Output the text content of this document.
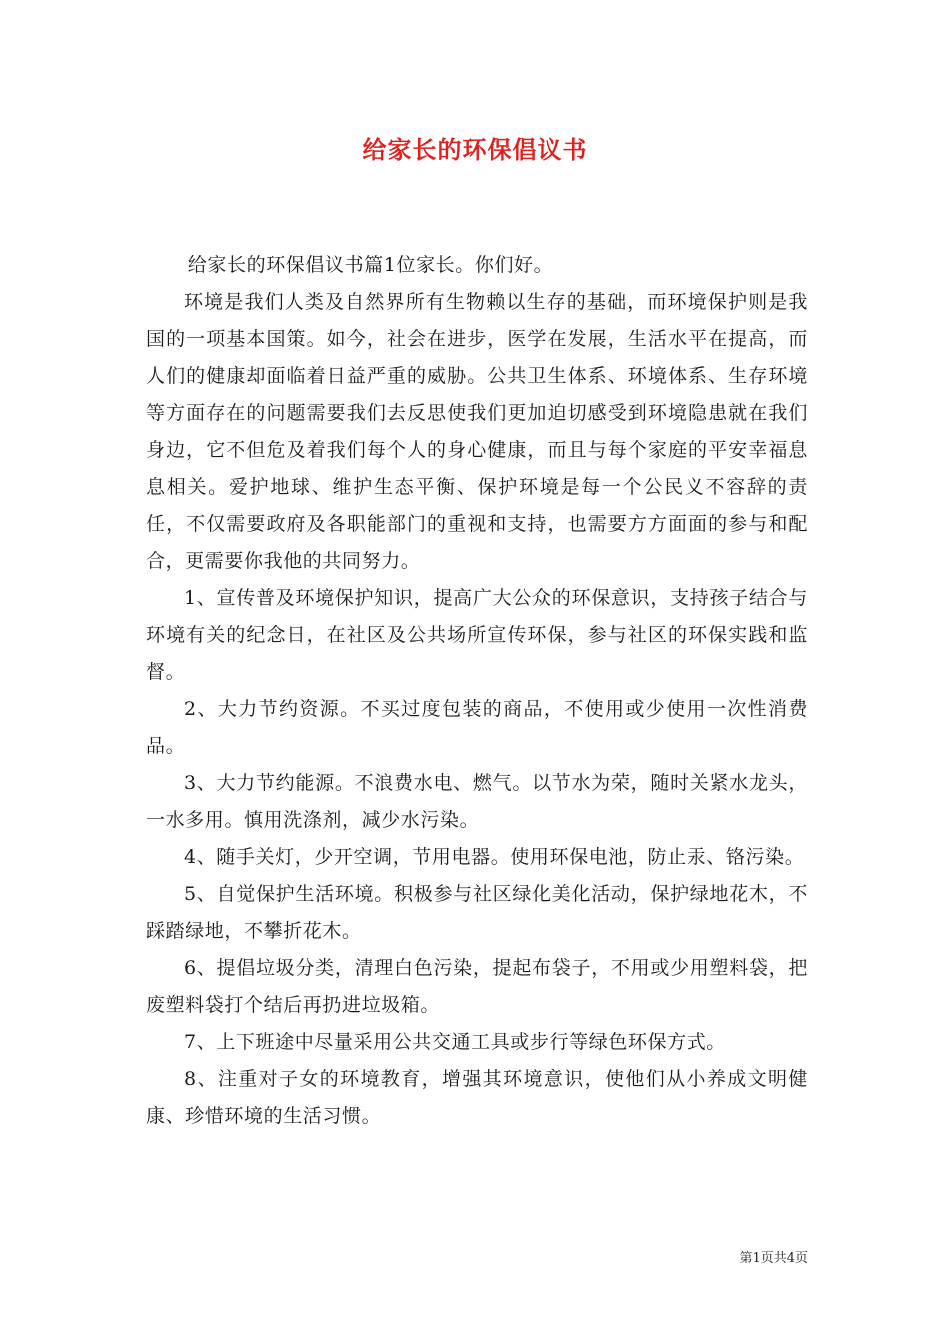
给家长的环保倡议书

给家长的环保倡议书篇1位家长。你们好。

环境是我们人类及自然界所有生物赖以生存的基础，而环境保护则是我国的一项基本国策。如今，社会在进步，医学在发展，生活水平在提高，而人们的健康却面临着日益严重的威胁。公共卫生体系、环境体系、生存环境等方面存在的问题需要我们去反思使我们更加迫切感受到环境隐患就在我们身边，它不但危及着我们每个人的身心健康，而且与每个家庭的平安幸福息息相关。爱护地球、维护生态平衡、保护环境是每一个公民义不容辞的责任，不仅需要政府及各职能部门的重视和支持，也需要方方面面的参与和配合，更需要你我他的共同努力。

1、宣传普及环境保护知识，提高广大公众的环保意识，支持孩子结合与环境有关的纪念日，在社区及公共场所宣传环保，参与社区的环保实践和监督。

2、大力节约资源。不买过度包装的商品，不使用或少使用一次性消费品。

3、大力节约能源。不浪费水电、燃气。以节水为荣，随时关紧水龙头，一水多用。慎用洗涤剂，减少水污染。

4、随手关灯，少开空调，节用电器。使用环保电池，防止汞、铬污染。

5、自觉保护生活环境。积极参与社区绿化美化活动，保护绿地花木，不踩踏绿地，不攀折花木。

6、提倡垃圾分类，清理白色污染，提起布袋子，不用或少用塑料袋，把废塑料袋打个结后再扔进垃圾箱。

7、上下班途中尽量采用公共交通工具或步行等绿色环保方式。

8、注重对子女的环境教育，增强其环境意识，使他们从小养成文明健康、珍惜环境的生活习惯。

第1页共4页
